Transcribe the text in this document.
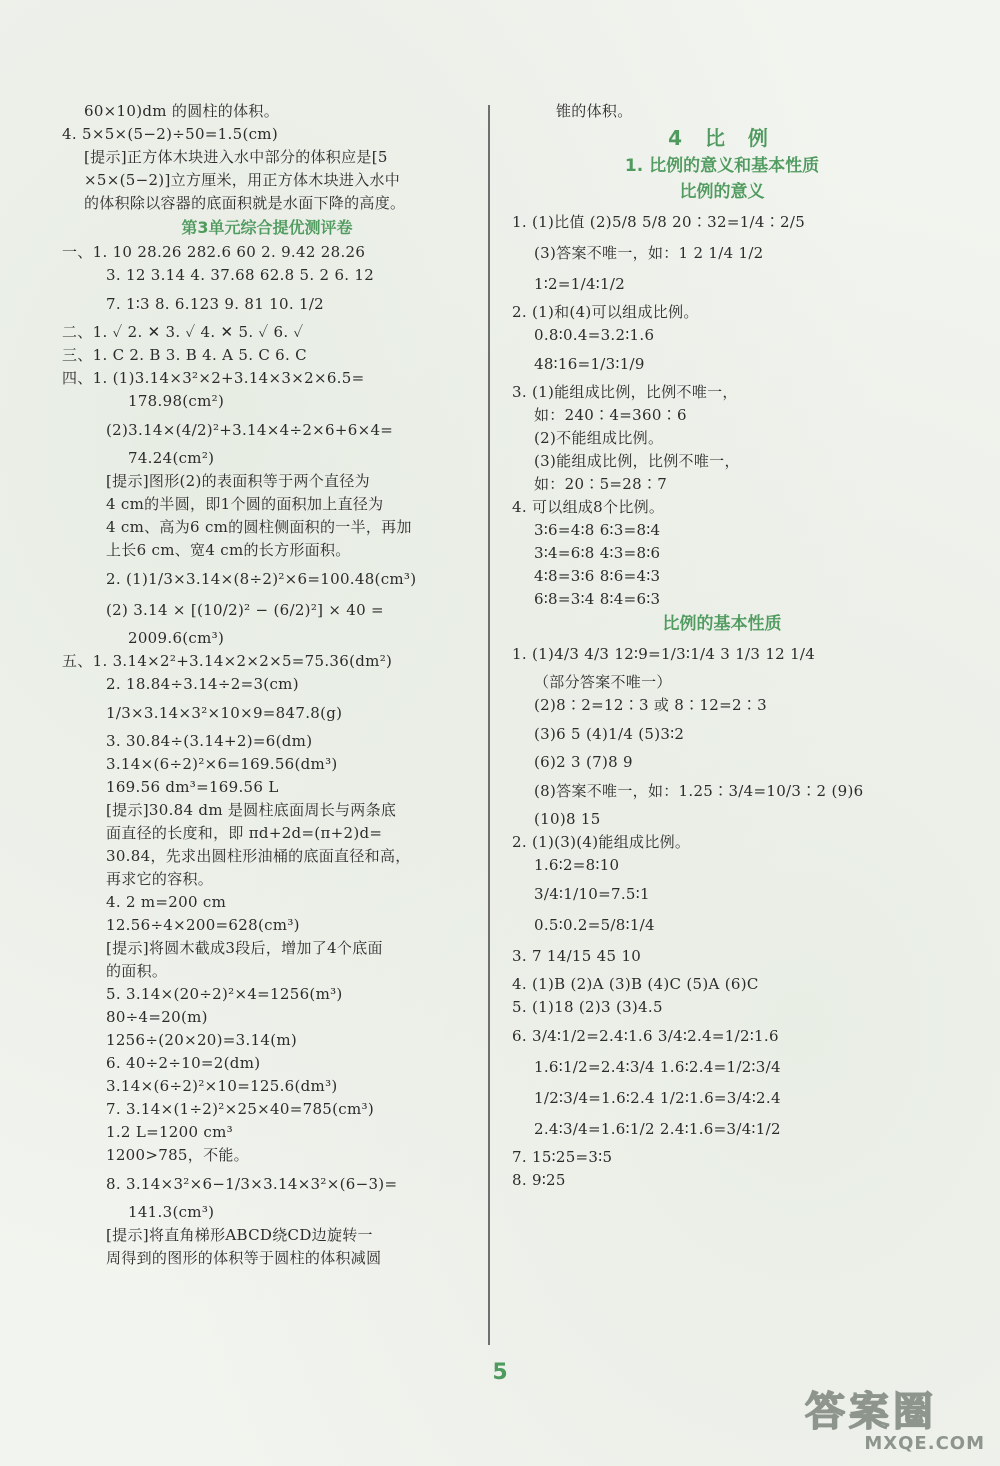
60×10)dm 的圆柱的体积。
4. 5×5×(5−2)÷50=1.5(cm)
[提示]正方体木块进入水中部分的体积应是[5
×5×(5−2)]立方厘米，用正方体木块进入水中
的体积除以容器的底面积就是水面下降的高度。
第3单元综合提优测评卷
一、1. 10 28.26 282.6 60 2. 9.42 28.26
3. 12 3.14 4. 37.68 62.8 5. 2 6. 12
7. 1∶3 8. 6.123 9. 81 10. 1/2
二、1. ✓ 2. ✕ 3. ✓ 4. ✕ 5. ✓ 6. ✓
三、1. C 2. B 3. B 4. A 5. C 6. C
四、1. (1)3.14×3²×2+3.14×3×2×6.5=
178.98(cm²)
(2)3.14×(4/2)²+3.14×4÷2×6+6×4=
74.24(cm²)
[提示]图形(2)的表面积等于两个直径为
4 cm的半圆，即1个圆的面积加上直径为
4 cm、高为6 cm的圆柱侧面积的一半，再加
上长6 cm、宽4 cm的长方形面积。
2. (1)1/3×3.14×(8÷2)²×6=100.48(cm³)
(2) 3.14 × [(10/2)² − (6/2)²] × 40 =
2009.6(cm³)
五、1. 3.14×2²+3.14×2×2×5=75.36(dm²)
2. 18.84÷3.14÷2=3(cm)
1/3×3.14×3²×10×9=847.8(g)
3. 30.84÷(3.14+2)=6(dm)
3.14×(6÷2)²×6=169.56(dm³)
169.56 dm³=169.56 L
[提示]30.84 dm 是圆柱底面周长与两条底
面直径的长度和，即 πd+2d=(π+2)d=
30.84，先求出圆柱形油桶的底面直径和高，
再求它的容积。
4. 2 m=200 cm
12.56÷4×200=628(cm³)
[提示]将圆木截成3段后，增加了4个底面
的面积。
5. 3.14×(20÷2)²×4=1256(m³)
80÷4=20(m)
1256÷(20×20)=3.14(m)
6. 40÷2÷10=2(dm)
3.14×(6÷2)²×10=125.6(dm³)
7. 3.14×(1÷2)²×25×40=785(cm³)
1.2 L=1200 cm³
1200>785，不能。
8. 3.14×3²×6−1/3×3.14×3²×(6−3)=
141.3(cm³)
[提示]将直角梯形ABCD绕CD边旋转一
周得到的图形的体积等于圆柱的体积减圆
锥的体积。
4 比 例
1. 比例的意义和基本性质
比例的意义
1. (1)比值 (2)5/8 5/8 20∶32=1/4∶2/5
(3)答案不唯一，如：1 2 1/4 1/2
1∶2=1/4∶1/2
2. (1)和(4)可以组成比例。
0.8∶0.4=3.2∶1.6
48∶16=1/3∶1/9
3. (1)能组成比例，比例不唯一，
如：240∶4=360∶6
(2)不能组成比例。
(3)能组成比例，比例不唯一，
如：20∶5=28∶7
4. 可以组成8个比例。
3∶6=4∶8 6∶3=8∶4
3∶4=6∶8 4∶3=8∶6
4∶8=3∶6 8∶6=4∶3
6∶8=3∶4 8∶4=6∶3
比例的基本性质
1. (1)4/3 4/3 12∶9=1/3∶1/4 3 1/3 12 1/4
（部分答案不唯一）
(2)8∶2=12∶3 或 8∶12=2∶3
(3)6 5 (4)1/4 (5)3∶2
(6)2 3 (7)8 9
(8)答案不唯一，如：1.25∶3/4=10/3∶2 (9)6
(10)8 15
2. (1)(3)(4)能组成比例。
1.6∶2=8∶10
3/4∶1/10=7.5∶1
0.5∶0.2=5/8∶1/4
3. 7 14/15 45 10
4. (1)B (2)A (3)B (4)C (5)A (6)C
5. (1)18 (2)3 (3)4.5
6. 3/4∶1/2=2.4∶1.6 3/4∶2.4=1/2∶1.6
1.6∶1/2=2.4∶3/4 1.6∶2.4=1/2∶3/4
1/2∶3/4=1.6∶2.4 1/2∶1.6=3/4∶2.4
2.4∶3/4=1.6∶1/2 2.4∶1.6=3/4∶1/2
7. 15∶25=3∶5
8. 9∶25
5
答案圈
MXQE.COM
